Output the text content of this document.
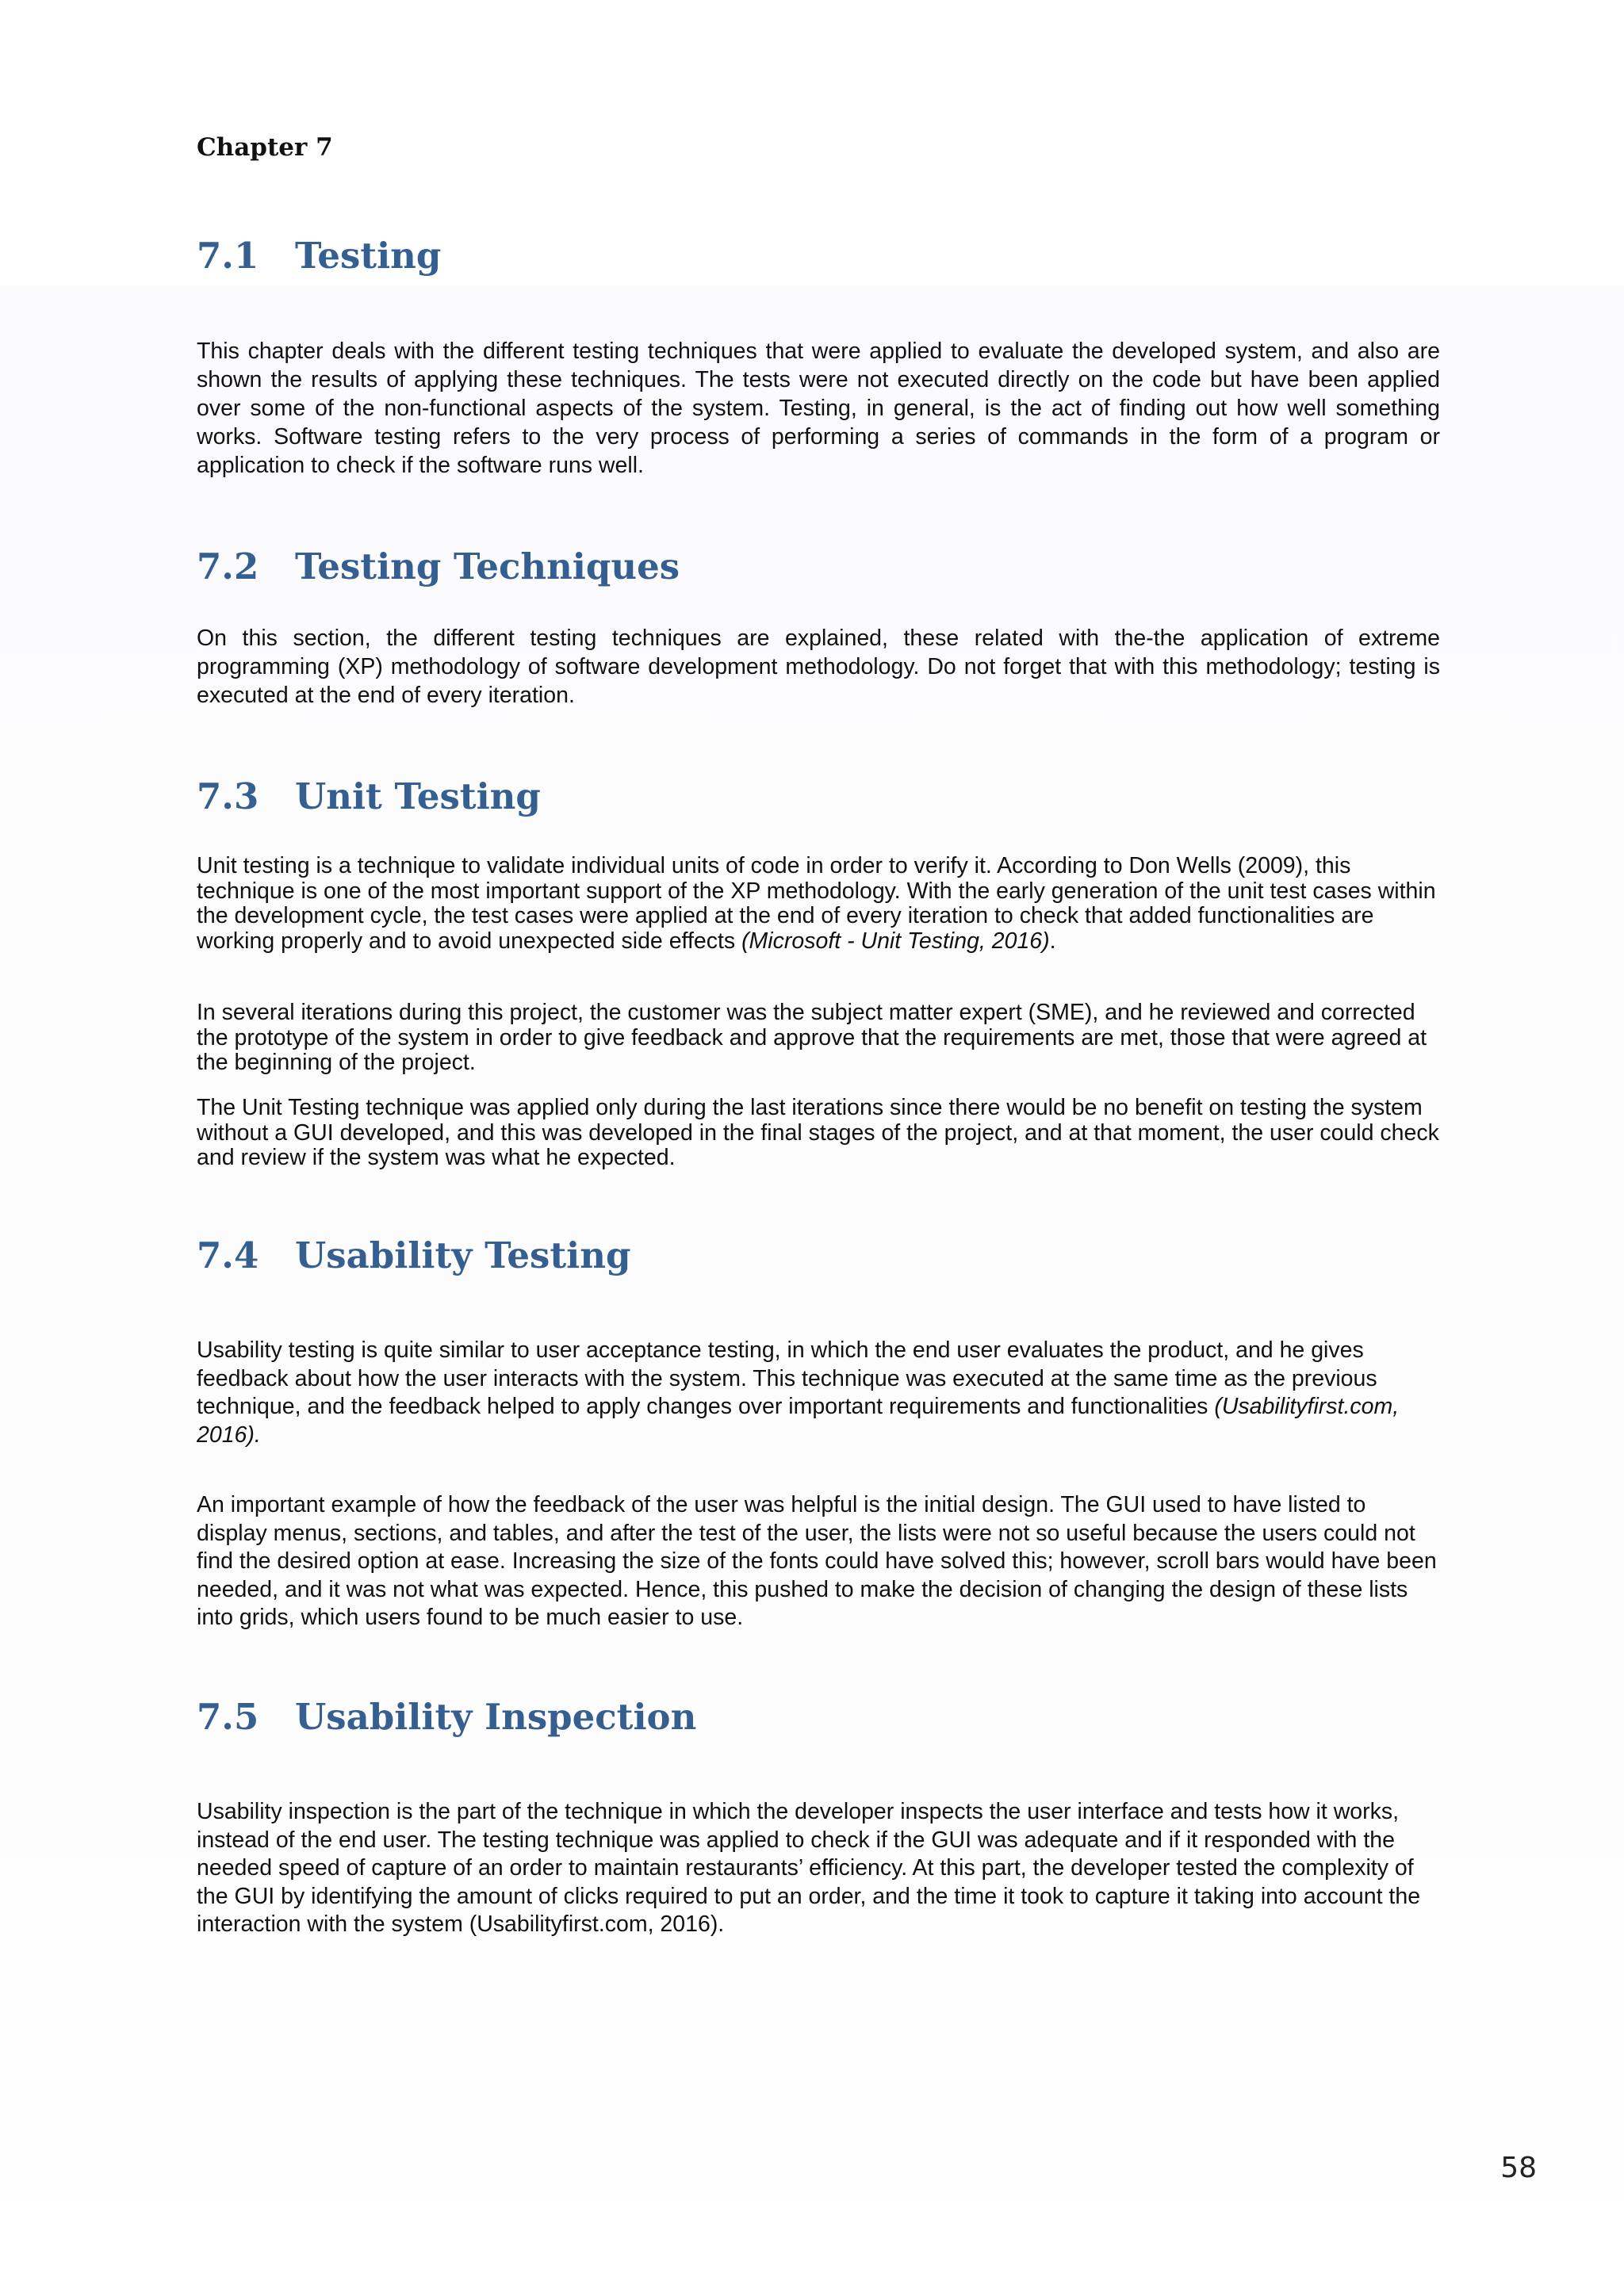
Chapter 7
7.1 Testing

This chapter deals with the different testing techniques that were applied to evaluate the developed system, and also are shown the results of applying these techniques. The tests were not executed directly on the code but have been applied over some of the non-functional aspects of the system. Testing, in general, is the act of finding out how well something works. Software testing refers to the very process of performing a series of commands in the form of a program or application to check if the software runs well.

7.2 Testing Techniques

On this section, the different testing techniques are explained, these related with the-the application of extreme programming (XP) methodology of software development methodology. Do not forget that with this methodology; testing is executed at the end of every iteration.

7.3 Unit Testing

Unit testing is a technique to validate individual units of code in order to verify it. According to Don Wells (2009), this technique is one of the most important support of the XP methodology. With the early generation of the unit test cases within the development cycle, the test cases were applied at the end of every iteration to check that added functionalities are working properly and to avoid unexpected side effects (Microsoft - Unit Testing, 2016).

In several iterations during this project, the customer was the subject matter expert (SME), and he reviewed and corrected the prototype of the system in order to give feedback and approve that the requirements are met, those that were agreed at the beginning of the project.

The Unit Testing technique was applied only during the last iterations since there would be no benefit on testing the system without a GUI developed, and this was developed in the final stages of the project, and at that moment, the user could check and review if the system was what he expected.

7.4 Usability Testing

Usability testing is quite similar to user acceptance testing, in which the end user evaluates the product, and he gives feedback about how the user interacts with the system. This technique was executed at the same time as the previous technique, and the feedback helped to apply changes over important requirements and functionalities (Usabilityfirst.com, 2016).

An important example of how the feedback of the user was helpful is the initial design. The GUI used to have listed to display menus, sections, and tables, and after the test of the user, the lists were not so useful because the users could not find the desired option at ease. Increasing the size of the fonts could have solved this; however, scroll bars would have been needed, and it was not what was expected. Hence, this pushed to make the decision of changing the design of these lists into grids, which users found to be much easier to use.

7.5 Usability Inspection

Usability inspection is the part of the technique in which the developer inspects the user interface and tests how it works, instead of the end user. The testing technique was applied to check if the GUI was adequate and if it responded with the needed speed of capture of an order to maintain restaurants’ efficiency. At this part, the developer tested the complexity of the GUI by identifying the amount of clicks required to put an order, and the time it took to capture it taking into account the interaction with the system (Usabilityfirst.com, 2016).

58
